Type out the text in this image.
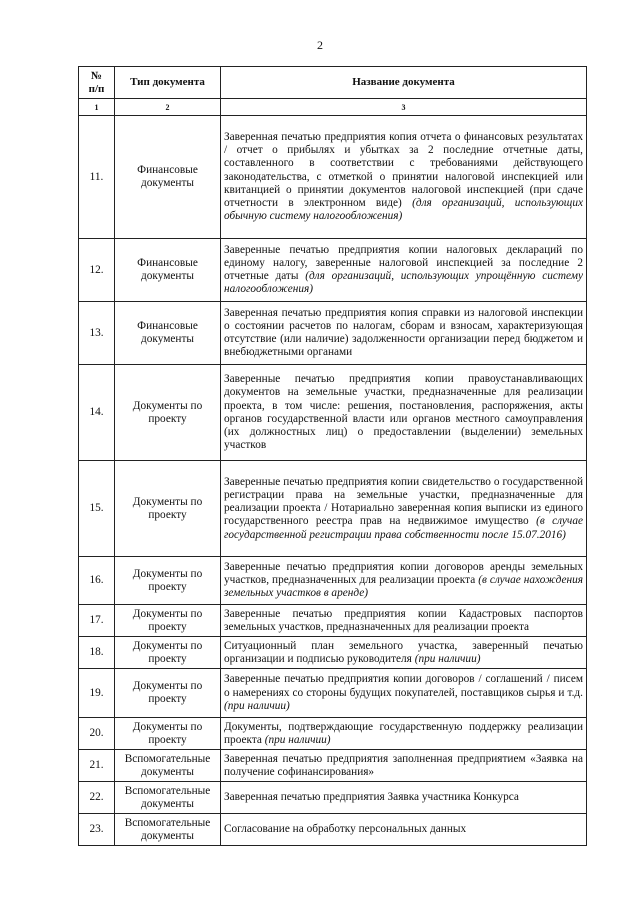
2
№
п/п	Тип документа	Название документа
1	2	3
11.	Финансовые документы	Заверенная печатью предприятия копия отчета о финансовых результатах / отчет о прибылях и убытках за 2 последние отчетные даты, составленного в соответствии с требованиями действующего законодательства, с отметкой о принятии налоговой инспекцией или квитанцией о принятии документов налоговой инспекцией (при сдаче отчетности в электронном виде) (для организаций, использующих обычную систему налогообложения)
12.	Финансовые документы	Заверенные печатью предприятия копии налоговых деклараций по единому налогу, заверенные налоговой инспекцией за последние 2 отчетные даты (для организаций, использующих упрощённую систему налогообложения)
13.	Финансовые документы	Заверенная печатью предприятия копия справки из налоговой инспекции о состоянии расчетов по налогам, сборам и взносам, характеризующая отсутствие (или наличие) задолженности организации перед бюджетом и внебюджетными органами
14.	Документы по проекту	Заверенные печатью предприятия копии правоустанавливающих документов на земельные участки, предназначенные для реализации проекта, в том числе: решения, постановления, распоряжения, акты органов государственной власти или органов местного самоуправления (их должностных лиц) о предоставлении (выделении) земельных участков
15.	Документы по проекту	Заверенные печатью предприятия копии свидетельство о государственной регистрации права на земельные участки, предназначенные для реализации проекта / Нотариально заверенная копия выписки из единого государственного реестра прав на недвижимое имущество (в случае государственной регистрации права собственности после 15.07.2016)
16.	Документы по проекту	Заверенные печатью предприятия копии договоров аренды земельных участков, предназначенных для реализации проекта (в случае нахождения земельных участков в аренде)
17.	Документы по проекту	Заверенные печатью предприятия копии Кадастровых паспортов земельных участков, предназначенных для реализации проекта
18.	Документы по проекту	Ситуационный план земельного участка, заверенный печатью организации и подписью руководителя (при наличии)
19.	Документы по проекту	Заверенные печатью предприятия копии договоров / соглашений / писем о намерениях со стороны будущих покупателей, поставщиков сырья и т.д. (при наличии)
20.	Документы по проекту	Документы, подтверждающие государственную поддержку реализации проекта (при наличии)
21.	Вспомогательные документы	Заверенная печатью предприятия заполненная предприятием «Заявка на получение софинансирования»
22.	Вспомогательные документы	Заверенная печатью предприятия Заявка участника Конкурса
23.	Вспомогательные документы	Согласование на обработку персональных данных
